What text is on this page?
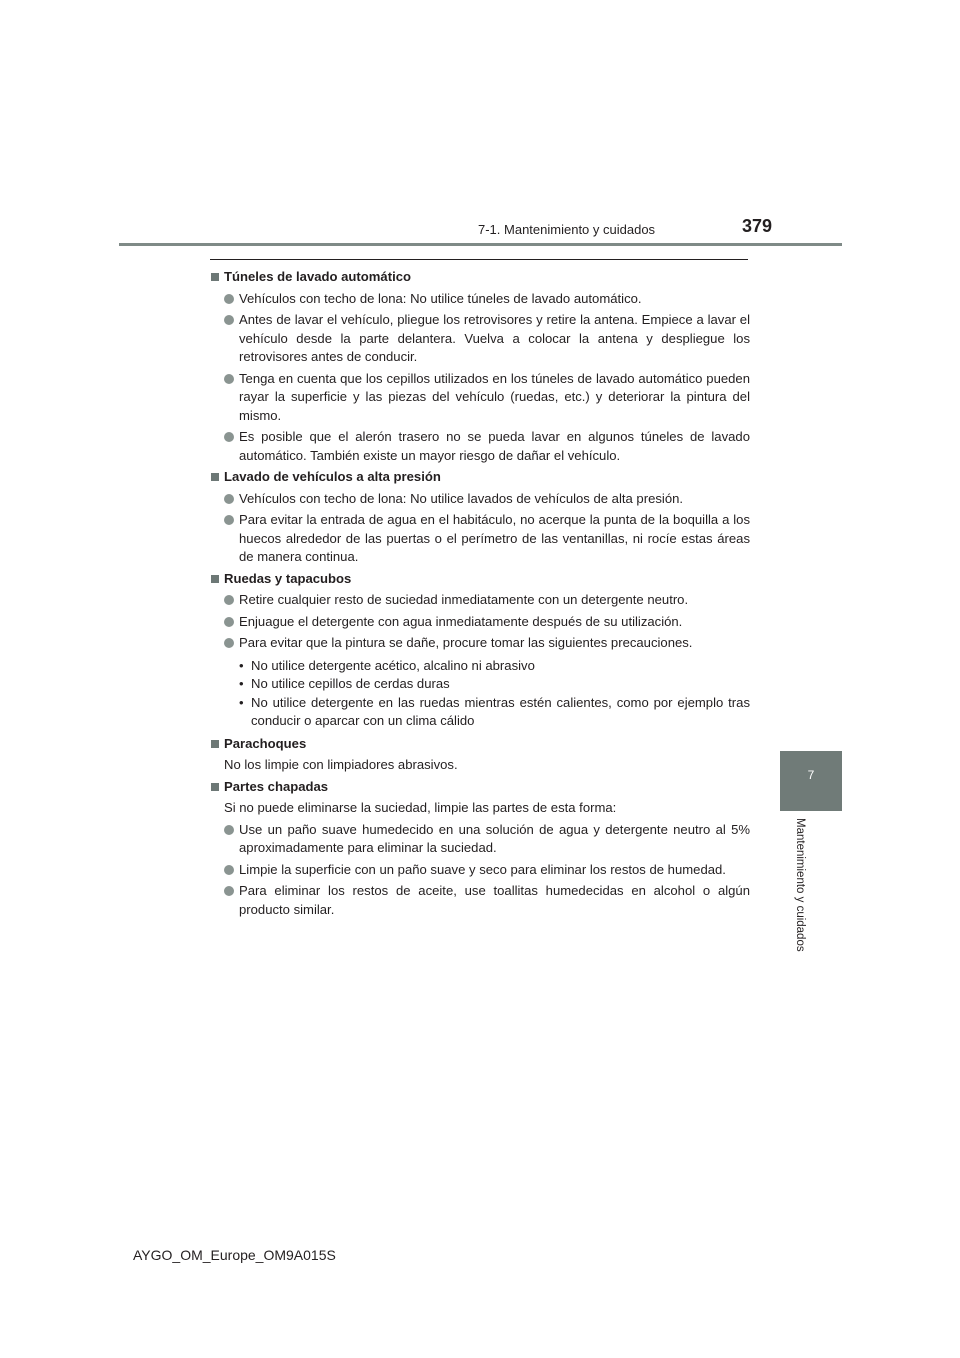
7-1. Mantenimiento y cuidados	379
7
Mantenimiento y cuidados
Túneles de lavado automático
Vehículos con techo de lona: No utilice túneles de lavado automático.
Antes de lavar el vehículo, pliegue los retrovisores y retire la antena. Empiece a lavar el vehículo desde la parte delantera. Vuelva a colocar la antena y despliegue los retrovisores antes de conducir.
Tenga en cuenta que los cepillos utilizados en los túneles de lavado automático pueden rayar la superficie y las piezas del vehículo (ruedas, etc.) y deteriorar la pintura del mismo.
Es posible que el alerón trasero no se pueda lavar en algunos túneles de lavado automático. También existe un mayor riesgo de dañar el vehículo.
Lavado de vehículos a alta presión
Vehículos con techo de lona: No utilice lavados de vehículos de alta presión.
Para evitar la entrada de agua en el habitáculo, no acerque la punta de la boquilla a los huecos alrededor de las puertas o el perímetro de las ventanillas, ni rocíe estas áreas de manera continua.
Ruedas y tapacubos
Retire cualquier resto de suciedad inmediatamente con un detergente neutro.
Enjuague el detergente con agua inmediatamente después de su utilización.
Para evitar que la pintura se dañe, procure tomar las siguientes precauciones.
• No utilice detergente acético, alcalino ni abrasivo
• No utilice cepillos de cerdas duras
• No utilice detergente en las ruedas mientras estén calientes, como por ejemplo tras conducir o aparcar con un clima cálido
Parachoques
No los limpie con limpiadores abrasivos.
Partes chapadas
Si no puede eliminarse la suciedad, limpie las partes de esta forma:
Use un paño suave humedecido en una solución de agua y detergente neutro al 5% aproximadamente para eliminar la suciedad.
Limpie la superficie con un paño suave y seco para eliminar los restos de humedad.
Para eliminar los restos de aceite, use toallitas humedecidas en alcohol o algún producto similar.
AYGO_OM_Europe_OM9A015S
